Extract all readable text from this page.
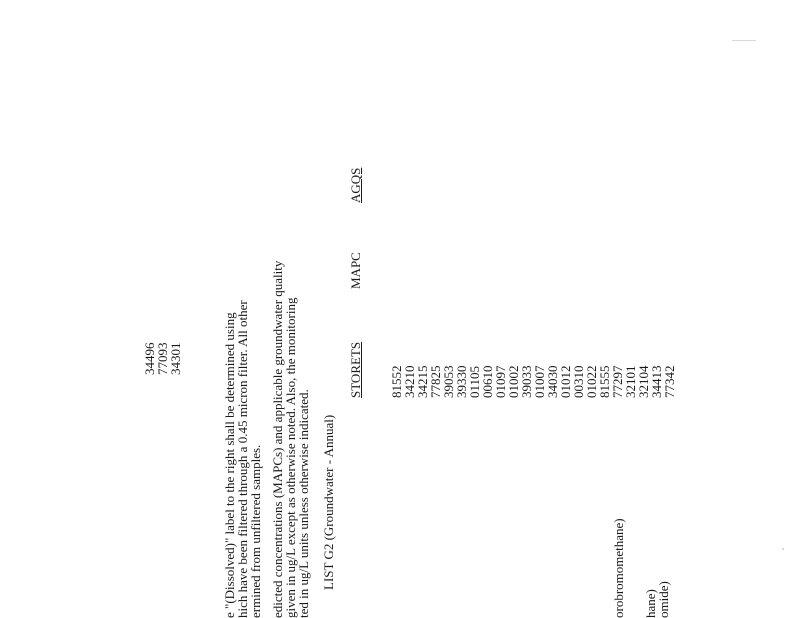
34496
77093
34301	e "(Dissolved)" label to the right shall be determined using
hich have been filtered through a 0.45 micron filter. All other
ermined from unfiltered samples. edicted concentrations (MAPCs) and applicable groundwater quality
given in ug/L except as otherwise noted. Also, the monitoring
ted in ug/L units unless otherwise indicated. LIST G2 (Groundwater - Annual)
STORETS
MAPC
AGQS
81552
34210
34215
77825
39053
39330
01105
00610
01097
01002
39033
01007
34030
01012
00310
01022
81555
77297
32101
32104
34413
77342
orobromomethane) hane)
omide)
